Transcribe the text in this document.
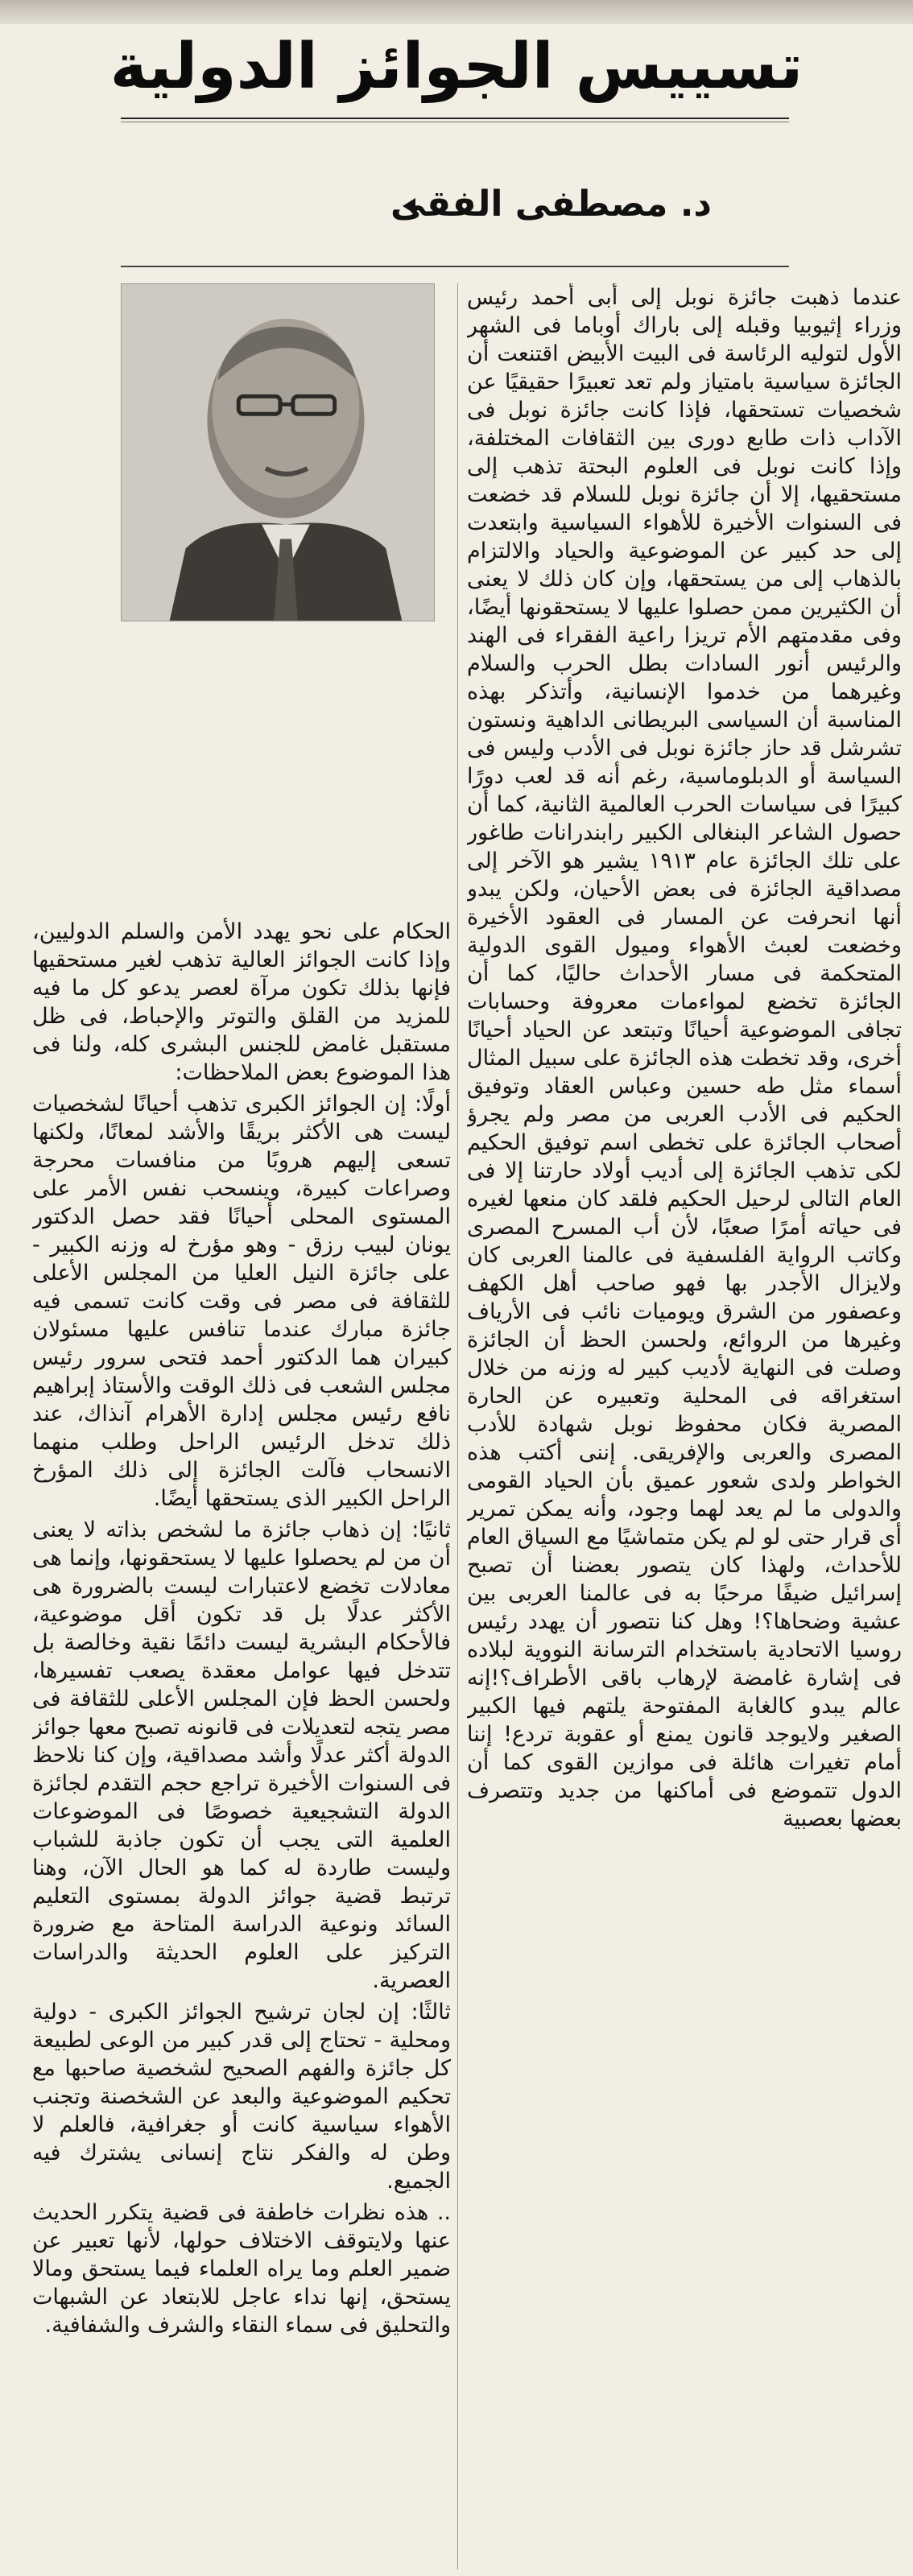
تسييس الجوائز الدولية
د. مصطفى الفقى

عندما ذهبت جائزة نوبل إلى أبى أحمد رئيس وزراء إثيوبيا وقبله إلى باراك أوباما فى الشهر الأول لتوليه الرئاسة فى البيت الأبيض اقتنعت أن الجائزة سياسية بامتياز ولم تعد تعبيرًا حقيقيًا عن شخصيات تستحقها، فإذا كانت جائزة نوبل فى الآداب ذات طابع دورى بين الثقافات المختلفة، وإذا كانت نوبل فى العلوم البحتة تذهب إلى مستحقيها، إلا أن جائزة نوبل للسلام قد خضعت فى السنوات الأخيرة للأهواء السياسية وابتعدت إلى حد كبير عن الموضوعية والحياد والالتزام بالذهاب إلى من يستحقها، وإن كان ذلك لا يعنى أن الكثيرين ممن حصلوا عليها لا يستحقونها أيضًا، وفى مقدمتهم الأم تريزا راعية الفقراء فى الهند والرئيس أنور السادات بطل الحرب والسلام وغيرهما من خدموا الإنسانية، وأتذكر بهذه المناسبة أن السياسى البريطانى الداهية ونستون تشرشل قد حاز جائزة نوبل فى الأدب وليس فى السياسة أو الدبلوماسية، رغم أنه قد لعب دورًا كبيرًا فى سياسات الحرب العالمية الثانية، كما أن حصول الشاعر البنغالى الكبير رابندرانات طاغور على تلك الجائزة عام ١٩١٣ يشير هو الآخر إلى مصداقية الجائزة فى بعض الأحيان، ولكن يبدو أنها انحرفت عن المسار فى العقود الأخيرة وخضعت لعبث الأهواء وميول القوى الدولية المتحكمة فى مسار الأحداث حاليًا، كما أن الجائزة تخضع لمواءمات معروفة وحسابات تجافى الموضوعية أحيانًا وتبتعد عن الحياد أحيانًا أخرى، وقد تخطت هذه الجائزة على سبيل المثال أسماء مثل طه حسين وعباس العقاد وتوفيق الحكيم فى الأدب العربى من مصر ولم يجرؤ أصحاب الجائزة على تخطى اسم توفيق الحكيم لكى تذهب الجائزة إلى أديب أولاد حارتنا إلا فى العام التالى لرحيل الحكيم فلقد كان منعها لغيره فى حياته أمرًا صعبًا، لأن أب المسرح المصرى وكاتب الرواية الفلسفية فى عالمنا العربى كان ولايزال الأجدر بها فهو صاحب أهل الكهف وعصفور من الشرق ويوميات نائب فى الأرياف وغيرها من الروائع، ولحسن الحظ أن الجائزة وصلت فى النهاية لأديب كبير له وزنه من خلال استغراقه فى المحلية وتعبيره عن الحارة المصرية فكان محفوظ نوبل شهادة للأدب المصرى والعربى والإفريقى. إننى أكتب هذه الخواطر ولدى شعور عميق بأن الحياد القومى والدولى ما لم يعد لهما وجود، وأنه يمكن تمرير أى قرار حتى لو لم يكن متماشيًا مع السياق العام للأحداث، ولهذا كان يتصور بعضنا أن تصبح إسرائيل ضيفًا مرحبًا به فى عالمنا العربى بين عشية وضحاها؟! وهل كنا نتصور أن يهدد رئيس روسيا الاتحادية باستخدام الترسانة النووية لبلاده فى إشارة غامضة لإرهاب باقى الأطراف؟!إنه عالم يبدو كالغابة المفتوحة يلتهم فيها الكبير الصغير ولايوجد قانون يمنع أو عقوبة تردع! إننا أمام تغيرات هائلة فى موازين القوى كما أن الدول تتموضع فى أماكنها من جديد وتتصرف بعضها بعصبية

الحكام على نحو يهدد الأمن والسلم الدوليين، وإذا كانت الجوائز العالية تذهب لغير مستحقيها فإنها بذلك تكون مرآة لعصر يدعو كل ما فيه للمزيد من القلق والتوتر والإحباط، فى ظل مستقبل غامض للجنس البشرى كله، ولنا فى هذا الموضوع بعض الملاحظات:

أولًا: إن الجوائز الكبرى تذهب أحيانًا لشخصيات ليست هى الأكثر بريقًا والأشد لمعانًا، ولكنها تسعى إليهم هروبًا من منافسات محرجة وصراعات كبيرة، وينسحب نفس الأمر على المستوى المحلى أحيانًا فقد حصل الدكتور يونان لبيب رزق - وهو مؤرخ له وزنه الكبير - على جائزة النيل العليا من المجلس الأعلى للثقافة فى مصر فى وقت كانت تسمى فيه جائزة مبارك عندما تنافس عليها مسئولان كبيران هما الدكتور أحمد فتحى سرور رئيس مجلس الشعب فى ذلك الوقت والأستاذ إبراهيم نافع رئيس مجلس إدارة الأهرام آنذاك، عند ذلك تدخل الرئيس الراحل وطلب منهما الانسحاب فآلت الجائزة إلى ذلك المؤرخ الراحل الكبير الذى يستحقها أيضًا.

ثانيًا: إن ذهاب جائزة ما لشخص بذاته لا يعنى أن من لم يحصلوا عليها لا يستحقونها، وإنما هى معادلات تخضع لاعتبارات ليست بالضرورة هى الأكثر عدلًا بل قد تكون أقل موضوعية، فالأحكام البشرية ليست دائمًا نقية وخالصة بل تتدخل فيها عوامل معقدة يصعب تفسيرها، ولحسن الحظ فإن المجلس الأعلى للثقافة فى مصر يتجه لتعديلات فى قانونه تصبح معها جوائز الدولة أكثر عدلًا وأشد مصداقية، وإن كنا نلاحظ فى السنوات الأخيرة تراجع حجم التقدم لجائزة الدولة التشجيعية خصوصًا فى الموضوعات العلمية التى يجب أن تكون جاذبة للشباب وليست طاردة له كما هو الحال الآن، وهنا ترتبط قضية جوائز الدولة بمستوى التعليم السائد ونوعية الدراسة المتاحة مع ضرورة التركيز على العلوم الحديثة والدراسات العصرية.

ثالثًا: إن لجان ترشيح الجوائز الكبرى - دولية ومحلية - تحتاج إلى قدر كبير من الوعى لطبيعة كل جائزة والفهم الصحيح لشخصية صاحبها مع تحكيم الموضوعية والبعد عن الشخصنة وتجنب الأهواء سياسية كانت أو جغرافية، فالعلم لا وطن له والفكر نتاج إنسانى يشترك فيه الجميع.

.. هذه نظرات خاطفة فى قضية يتكرر الحديث عنها ولايتوقف الاختلاف حولها، لأنها تعبير عن ضمير العلم وما يراه العلماء فيما يستحق ومالا يستحق، إنها نداء عاجل للابتعاد عن الشبهات والتحليق فى سماء النقاء والشرف والشفافية.
